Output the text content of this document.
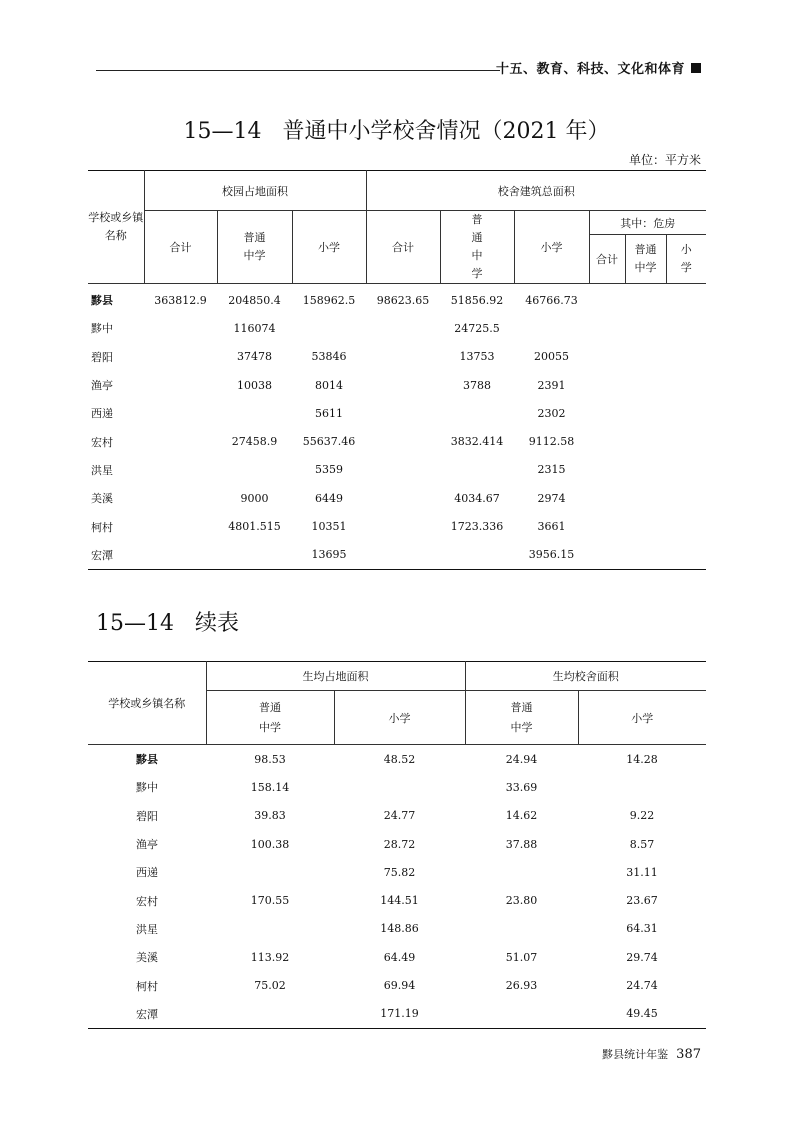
十五、教育、科技、文化和体育
15—14   普通中小学校舍情况（2021 年）
单位：平方米
学校或乡镇名称	校园占地面积			校舍建筑总面积					
	合计	普通中学	小学	合计	普通中学	小学	其中：危房		
							合计	普通中学	小学
黟县	363812.9	204850.4	158962.5	98623.65	51856.92	46766.73			
黟中		116074			24725.5				
碧阳		37478	53846		13753	20055			
渔亭		10038	8014		3788	2391			
西递			5611			2302			
宏村		27458.9	55637.46		3832.414	9112.58			
洪星			5359			2315			
美溪		9000	6449		4034.67	2974			
柯村		4801.515	10351		1723.336	3661			
宏潭			13695			3956.15			
15—14   续表
学校或乡镇名称	生均占地面积		生均校舍面积	
	普通中学	小学	普通中学	小学
黟县	98.53	48.52	24.94	14.28
黟中	158.14		33.69	
碧阳	39.83	24.77	14.62	9.22
渔亭	100.38	28.72	37.88	8.57
西递		75.82		31.11
宏村	170.55	144.51	23.80	23.67
洪星		148.86		64.31
美溪	113.92	64.49	51.07	29.74
柯村	75.02	69.94	26.93	24.74
宏潭		171.19		49.45
黟县统计年鉴 387
